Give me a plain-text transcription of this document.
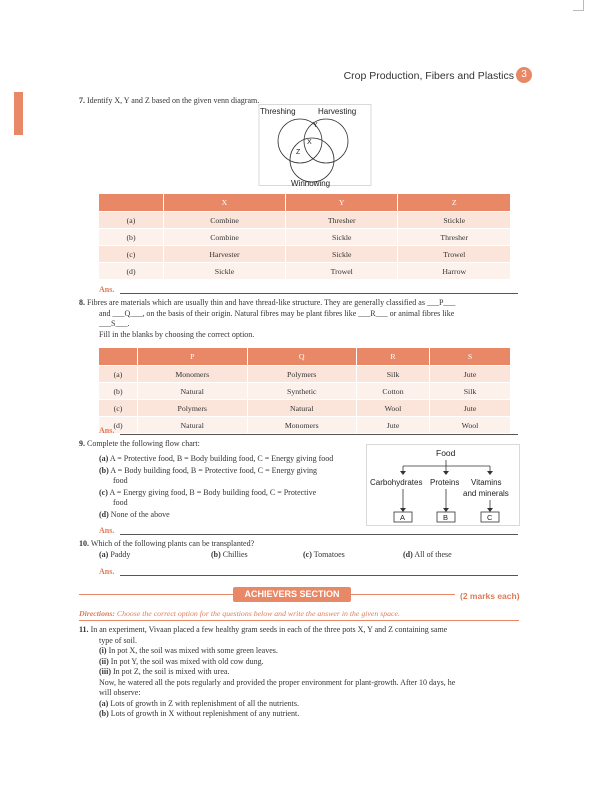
Crop Production, Fibers and Plastics 3
7. Identify X, Y and Z based on the given venn diagram.
Threshing	Harvesting
Winnowing
Y
X
Z
	X	Y	Z
(a)	Combine	Thresher	Stickle
(b)	Combine	Sickle	Thresher
(c)	Harvester	Sickle	Trowel
(d)	Sickle	Trowel	Harrow
Ans.
8. Fibres are materials which are usually thin and have thread-like structure. They are generally classified as ___P___
and ___Q___, on the basis of their origin. Natural fibres may be plant fibres like ___R___ or animal fibres like
___S___.
Fill in the blanks by choosing the correct option.
	P	Q	R	S
(a)	Monomers	Polymers	Silk	Jute
(b)	Natural	Synthetic	Cotton	Silk
(c)	Polymers	Natural	Wool	Jute
(d)	Natural	Monomers	Jute	Wool
Ans.
9. Complete the following flow chart:
(a) A = Protective food, B = Body building food, C = Energy giving food
(b) A = Body building food, B = Protective food, C = Energy giving
food
(c) A = Energy giving food, B = Body building food, C = Protective
food
(d) None of the above
Food
Carbohydrates Proteins Vitamins
and minerals
A	B	C
Ans.
10. Which of the following plants can be transplanted?
(a) Paddy	(b) Chillies	(c) Tomatoes	(d) All of these
Ans.
ACHIEVERS SECTION	(2 marks each)
Directions: Choose the correct option for the questions below and write the answer in the given space.
11. In an experiment, Vivaan placed a few healthy gram seeds in each of the three pots X, Y and Z containing same
type of soil.
(i) In pot X, the soil was mixed with some green leaves.
(ii) In pot Y, the soil was mixed with old cow dung.
(iii) In pot Z, the soil is mixed with urea.
Now, he watered all the pots regularly and provided the proper environment for plant-growth. After 10 days, he
will observe:
(a) Lots of growth in Z with replenishment of all the nutrients.
(b) Lots of growth in X without replenishment of any nutrient.
